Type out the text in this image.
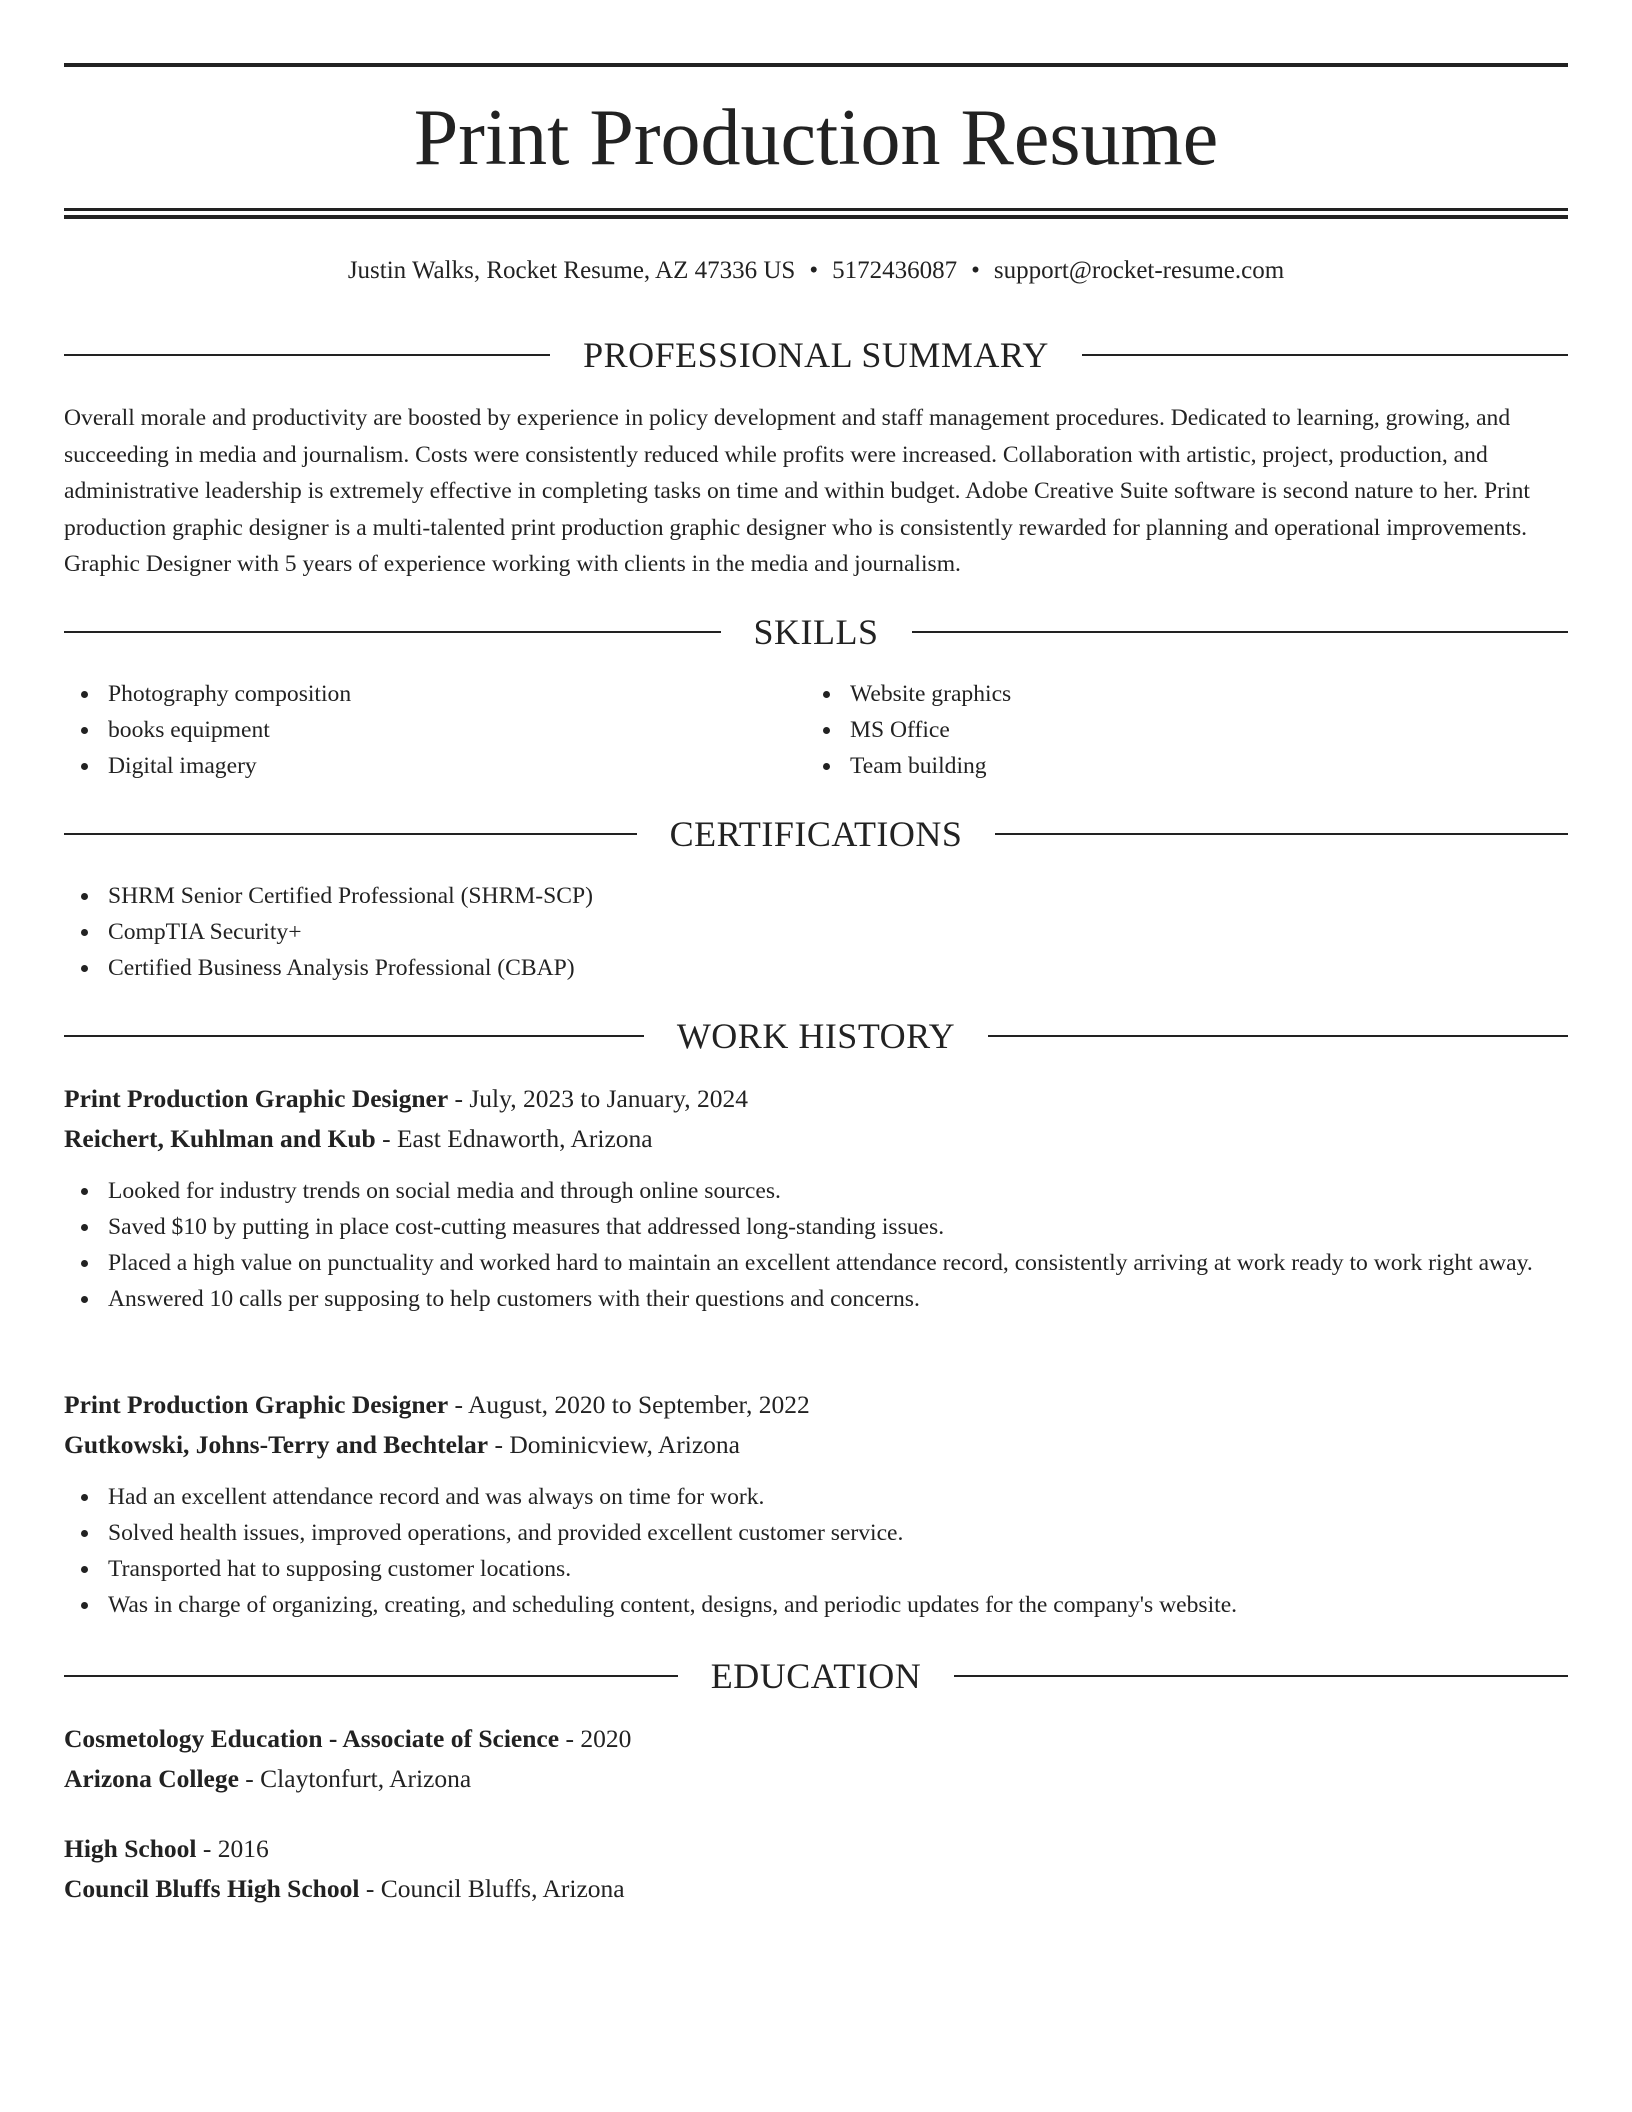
Print Production Resume
Justin Walks, Rocket Resume, AZ 47336 US • 5172436087 • support@rocket-resume.com
PROFESSIONAL SUMMARY

Overall morale and productivity are boosted by experience in policy development and staff management procedures. Dedicated to learning, growing, and succeeding in media and journalism. Costs were consistently reduced while profits were increased. Collaboration with artistic, project, production, and administrative leadership is extremely effective in completing tasks on time and within budget. Adobe Creative Suite software is second nature to her. Print production graphic designer is a multi-talented print production graphic designer who is consistently rewarded for planning and operational improvements. Graphic Designer with 5 years of experience working with clients in the media and journalism.

SKILLS
Photography composition
books equipment
Digital imagery
Website graphics
MS Office
Team building
CERTIFICATIONS
SHRM Senior Certified Professional (SHRM-SCP)
CompTIA Security+
Certified Business Analysis Professional (CBAP)
WORK HISTORY
Print Production Graphic Designer - July, 2023 to January, 2024
Reichert, Kuhlman and Kub - East Ednaworth, Arizona
Looked for industry trends on social media and through online sources.
Saved $10 by putting in place cost-cutting measures that addressed long-standing issues.
Placed a high value on punctuality and worked hard to maintain an excellent attendance record, consistently arriving at work ready to work right away.
Answered 10 calls per supposing to help customers with their questions and concerns.
Print Production Graphic Designer - August, 2020 to September, 2022
Gutkowski, Johns-Terry and Bechtelar - Dominicview, Arizona
Had an excellent attendance record and was always on time for work.
Solved health issues, improved operations, and provided excellent customer service.
Transported hat to supposing customer locations.
Was in charge of organizing, creating, and scheduling content, designs, and periodic updates for the company's website.
EDUCATION
Cosmetology Education - Associate of Science - 2020
Arizona College - Claytonfurt, Arizona
High School - 2016
Council Bluffs High School - Council Bluffs, Arizona
